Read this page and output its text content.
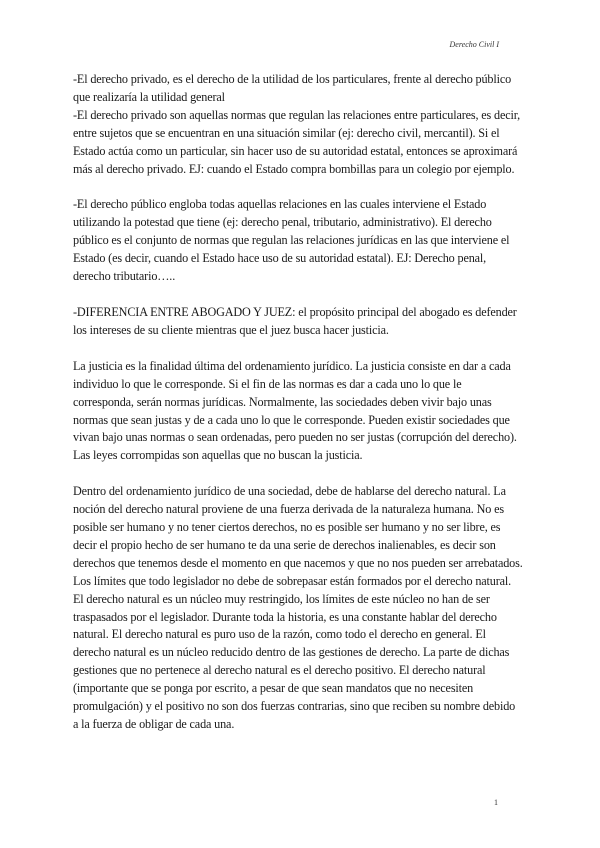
Derecho Civil I

-El derecho privado, es el derecho de la utilidad de los particulares, frente al derecho público que realizaría la utilidad general

-El derecho privado son aquellas normas que regulan las relaciones entre particulares, es decir, entre sujetos que se encuentran en una situación similar (ej: derecho civil, mercantil). Si el Estado actúa como un particular, sin hacer uso de su autoridad estatal, entonces se aproximará más al derecho privado. EJ: cuando el Estado compra bombillas para un colegio por ejemplo.

-El derecho público engloba todas aquellas relaciones en las cuales interviene el Estado utilizando la potestad que tiene (ej: derecho penal, tributario, administrativo). El derecho público es el conjunto de normas que regulan las relaciones jurídicas en las que interviene el Estado (es decir, cuando el Estado hace uso de su autoridad estatal). EJ: Derecho penal, derecho tributario…..

-DIFERENCIA ENTRE ABOGADO Y JUEZ: el propósito principal del abogado es defender los intereses de su cliente mientras que el juez busca hacer justicia.

La justicia es la finalidad última del ordenamiento jurídico. La justicia consiste en dar a cada individuo lo que le corresponde. Si el fin de las normas es dar a cada uno lo que le corresponda, serán normas jurídicas. Normalmente, las sociedades deben vivir bajo unas normas que sean justas y de a cada uno lo que le corresponde. Pueden existir sociedades que vivan bajo unas normas o sean ordenadas, pero pueden no ser justas (corrupción del derecho). Las leyes corrompidas son aquellas que no buscan la justicia.

Dentro del ordenamiento jurídico de una sociedad, debe de hablarse del derecho natural. La noción del derecho natural proviene de una fuerza derivada de la naturaleza humana. No es posible ser humano y no tener ciertos derechos, no es posible ser humano y no ser libre, es decir el propio hecho de ser humano te da una serie de derechos inalienables, es decir son derechos que tenemos desde el momento en que nacemos y que no nos pueden ser arrebatados. Los límites que todo legislador no debe de sobrepasar están formados por el derecho natural. El derecho natural es un núcleo muy restringido, los límites de este núcleo no han de ser traspasados por el legislador. Durante toda la historia, es una constante hablar del derecho natural. El derecho natural es puro uso de la razón, como todo el derecho en general. El derecho natural es un núcleo reducido dentro de las gestiones de derecho. La parte de dichas gestiones que no pertenece al derecho natural es el derecho positivo. El derecho natural (importante que se ponga por escrito, a pesar de que sean mandatos que no necesiten promulgación) y el positivo no son dos fuerzas contrarias, sino que reciben su nombre debido a la fuerza de obligar de cada una.

1
